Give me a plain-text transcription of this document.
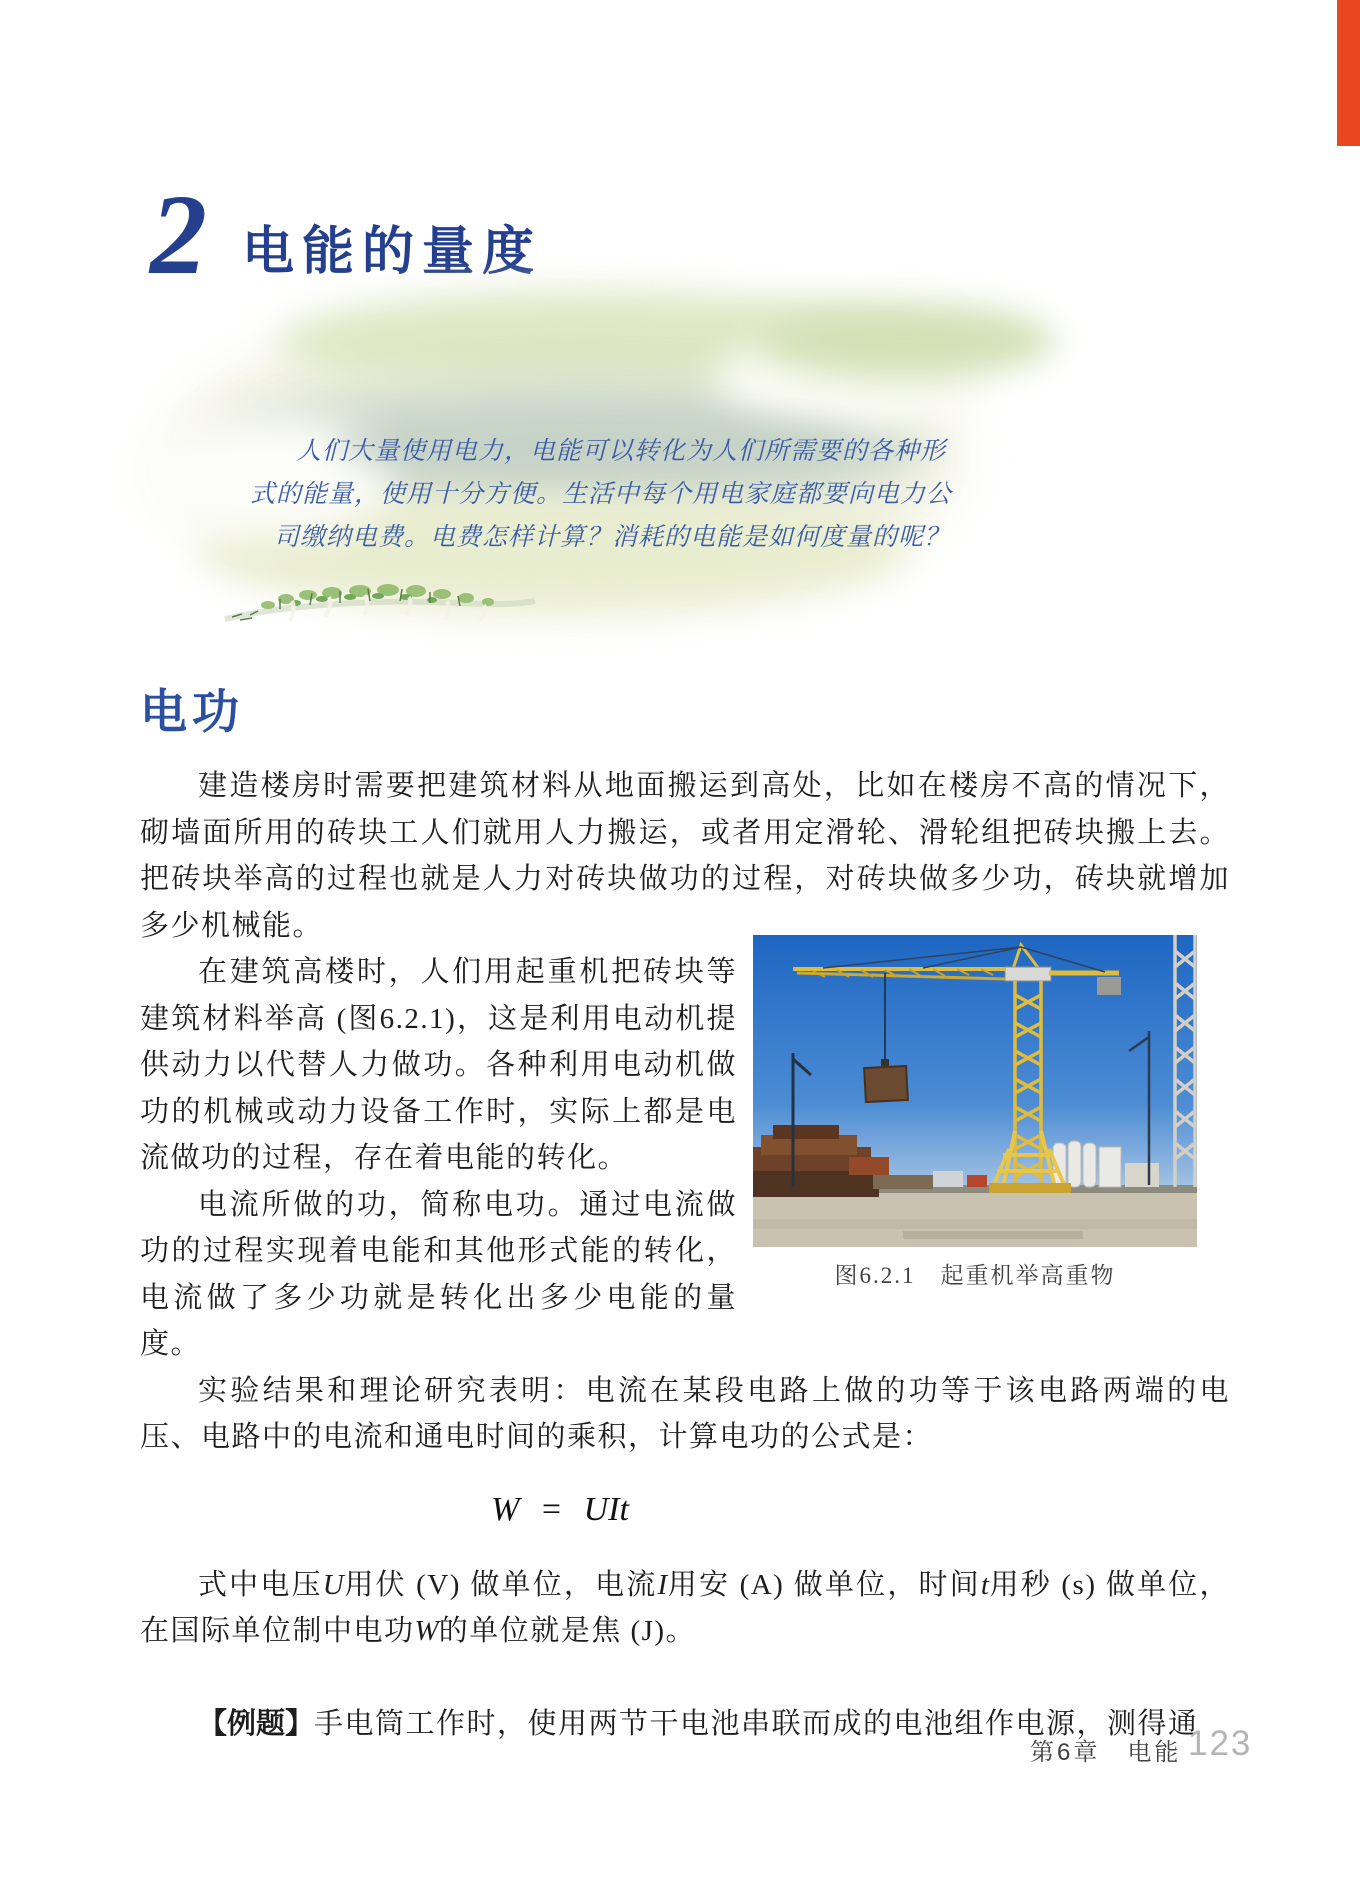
2 电能的量度
人们大量使用电力，电能可以转化为人们所需要的各种形
式的能量，使用十分方便。生活中每个用电家庭都要向电力公
司缴纳电费。电费怎样计算？消耗的电能是如何度量的呢？
电功

建造楼房时需要把建筑材料从地面搬运到高处，比如在楼房不高的情况下，砌墙面所用的砖块工人们就用人力搬运，或者用定滑轮、滑轮组把砖块搬上去。把砖块举高的过程也就是人力对砖块做功的过程，对砖块做多少功，砖块就增加多少机械能。

图6.2.1　起重机举高重物

在建筑高楼时，人们用起重机把砖块等建筑材料举高 (图6.2.1)，这是利用电动机提供动力以代替人力做功。各种利用电动机做功的机械或动力设备工作时，实际上都是电流做功的过程，存在着电能的转化。

电流所做的功，简称电功。通过电流做功的过程实现着电能和其他形式能的转化，电流做了多少功就是转化出多少电能的量度。

实验结果和理论研究表明：电流在某段电路上做的功等于该电路两端的电压、电路中的电流和通电时间的乘积，计算电功的公式是：

W = UIt

式中电压U用伏 (V) 做单位，电流I用安 (A) 做单位，时间t用秒 (s) 做单位，在国际单位制中电功W的单位就是焦 (J)。

【例题】手电筒工作时，使用两节干电池串联而成的电池组作电源，测得通

第6章　电能 123
